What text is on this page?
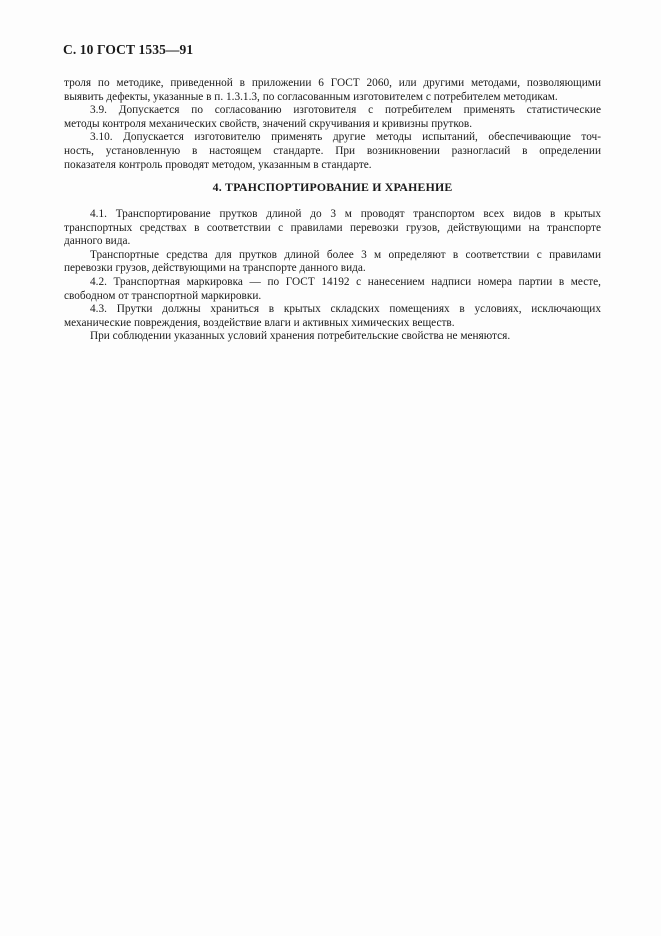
С. 10 ГОСТ 1535—91
троля по методике, приведенной в приложении 6 ГОСТ 2060, или другими методами, позволяющими
выявить дефекты, указанные в п. 1.3.1.3, по согласованным изготовителем с потребителем методикам.
3.9. Допускается по согласованию изготовителя с потребителем применять статистические
методы контроля механических свойств, значений скручивания и кривизны прутков.
3.10. Допускается изготовителю применять другие методы испытаний, обеспечивающие точ-
ность, установленную в настоящем стандарте. При возникновении разногласий в определении
показателя контроль проводят методом, указанным в стандарте.
4. ТРАНСПОРТИРОВАНИЕ И ХРАНЕНИЕ
4.1. Транспортирование прутков длиной до 3 м проводят транспортом всех видов в крытых
транспортных средствах в соответствии с правилами перевозки грузов, действующими на транспорте
данного вида.
Транспортные средства для прутков длиной более 3 м определяют в соответствии с правилами
перевозки грузов, действующими на транспорте данного вида.
4.2. Транспортная маркировка — по ГОСТ 14192 с нанесением надписи номера партии в месте,
свободном от транспортной маркировки.
4.3. Прутки должны храниться в крытых складских помещениях в условиях, исключающих
механические повреждения, воздействие влаги и активных химических веществ.
При соблюдении указанных условий хранения потребительские свойства не меняются.
